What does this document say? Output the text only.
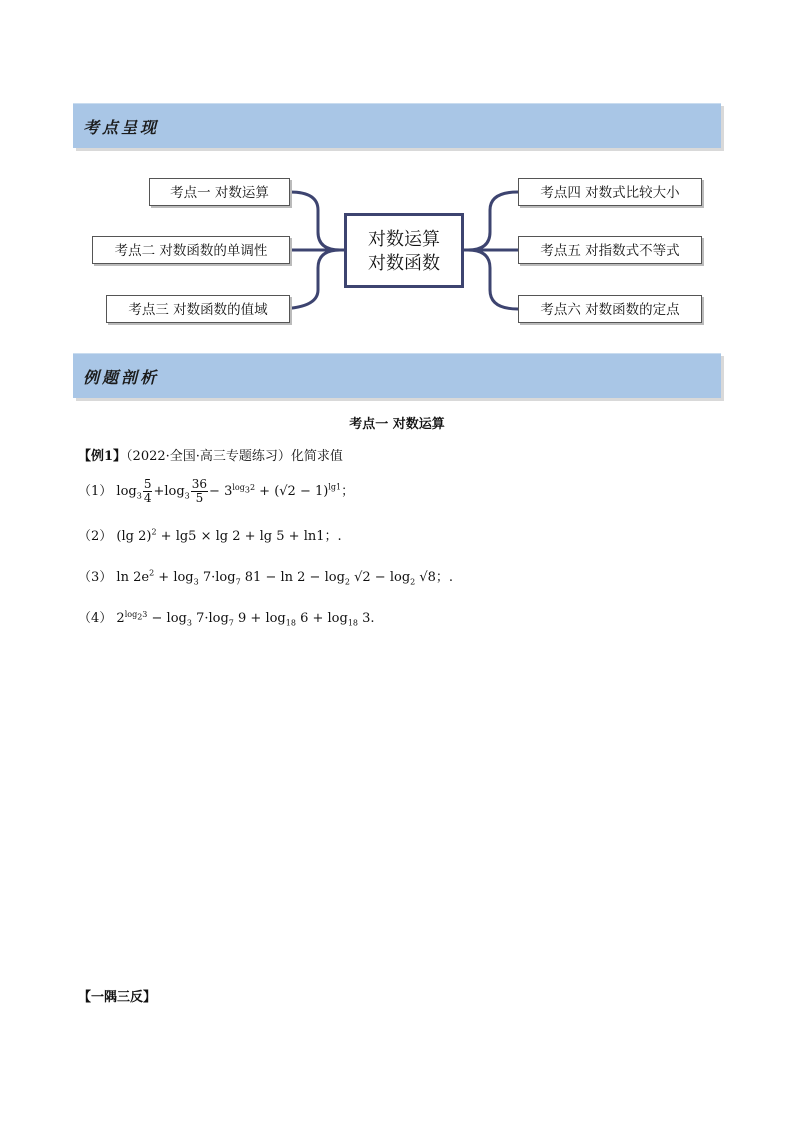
考点呈现
考点一 对数运算
考点二 对数函数的单调性
考点三 对数函数的值域
对数运算
对数函数
考点四 对数式比较大小
考点五 对指数式不等式
考点六 对数函数的定点
例题剖析
考点一 对数运算
【例1】（2022·全国·高三专题练习）化简求值
（1） $\log_3 \frac{5}{4} +\log_3 \frac{36}{5} - 3^{log_32} + (√2 - 1)^{lg1}$；
（2） (lg 2)$^2$ + lg5 × lg 2 + lg 5 + ln1；.
（3） $\ln 2e^2 + \log_3 7\cdot\log_7$ $81 - \ln 2 - \log_2 √2 - \log_2 √8$；.
（4） $2^{log_23} - \log_3 7\cdot\log_7$ $9 + \log_{18} 6 + \log_{18} 3$.
【一隅三反】
